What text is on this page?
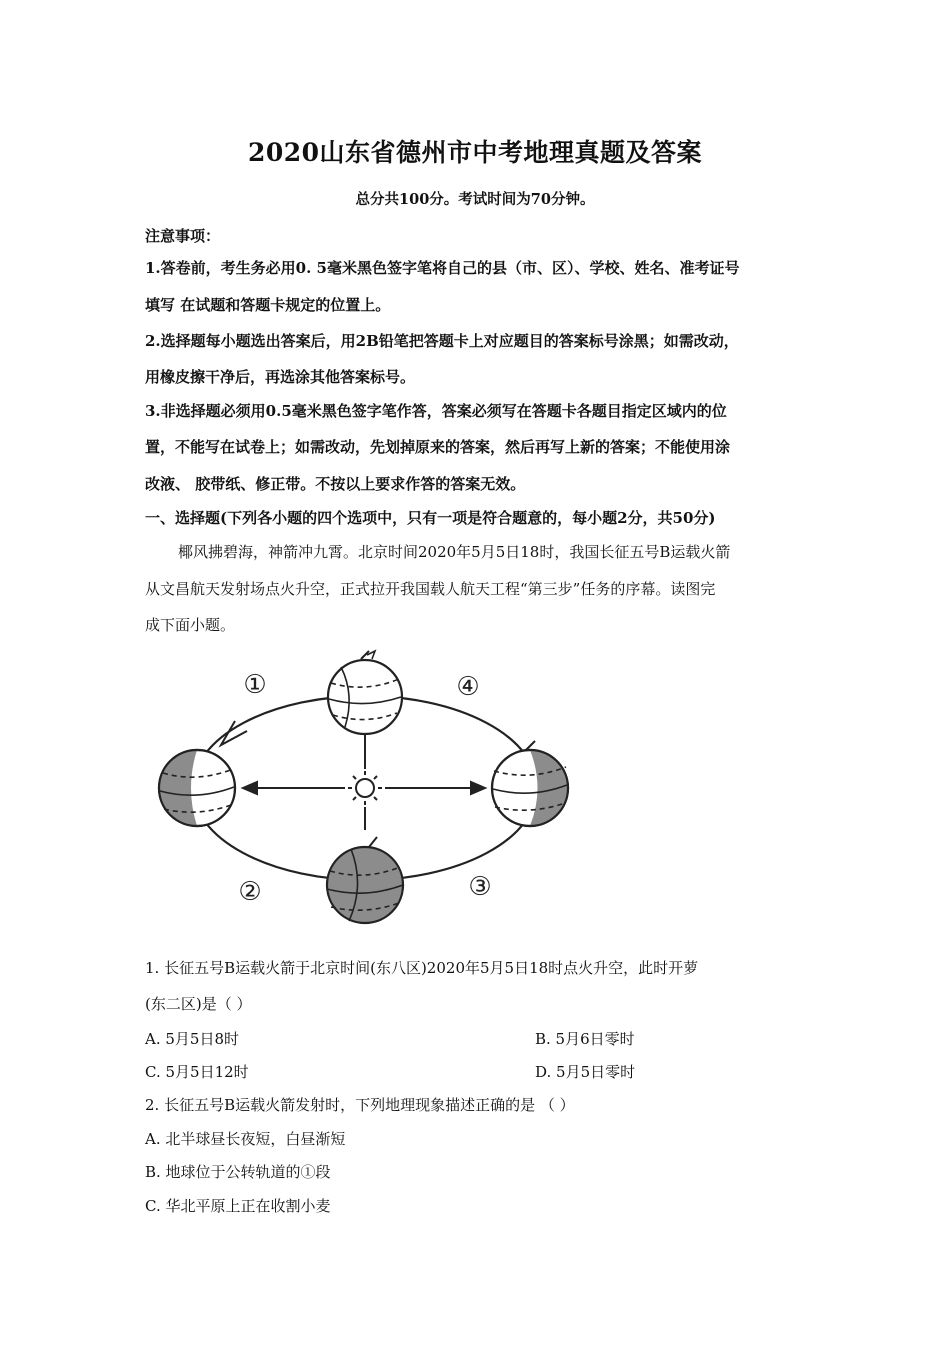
2020山东省德州市中考地理真题及答案
总分共100分。考试时间为70分钟。
注意事项：
1.答卷前，考生务必用0. 5毫米黑色签字笔将自己的县（市、区）、学校、姓名、准考证号
填写 在试题和答题卡规定的位置上。
2.选择题每小题选出答案后，用2B铅笔把答题卡上对应题目的答案标号涂黑；如需改动，
用橡皮擦干净后，再选涂其他答案标号。
3.非选择题必须用0.5毫米黑色签字笔作答，答案必须写在答题卡各题目指定区域内的位
置，不能写在试卷上；如需改动，先划掉原来的答案，然后再写上新的答案；不能使用涂
改液、 胶带纸、修正带。不按以上要求作答的答案无效。
一、选择题(下列各小题的四个选项中，只有一项是符合题意的，每小题2分，共50分)
椰风拂碧海，神箭冲九霄。北京时间2020年5月5日18时，我国长征五号B运载火箭
从文昌航天发射场点火升空，正式拉开我国载人航天工程“第三步”任务的序幕。读图完
成下面小题。
①
②	③
④
1. 长征五号B运载火箭于北京时间(东八区)2020年5月5日18时点火升空，此时开萝
(东二区)是（ ）
A. 5月5日8时	B. 5月6日零时
C. 5月5日12时	D. 5月5日零时
2. 长征五号B运载火箭发射时，下列地理现象描述正确的是 （ ）
A. 北半球昼长夜短，白昼渐短
B. 地球位于公转轨道的①段
C. 华北平原上正在收割小麦
